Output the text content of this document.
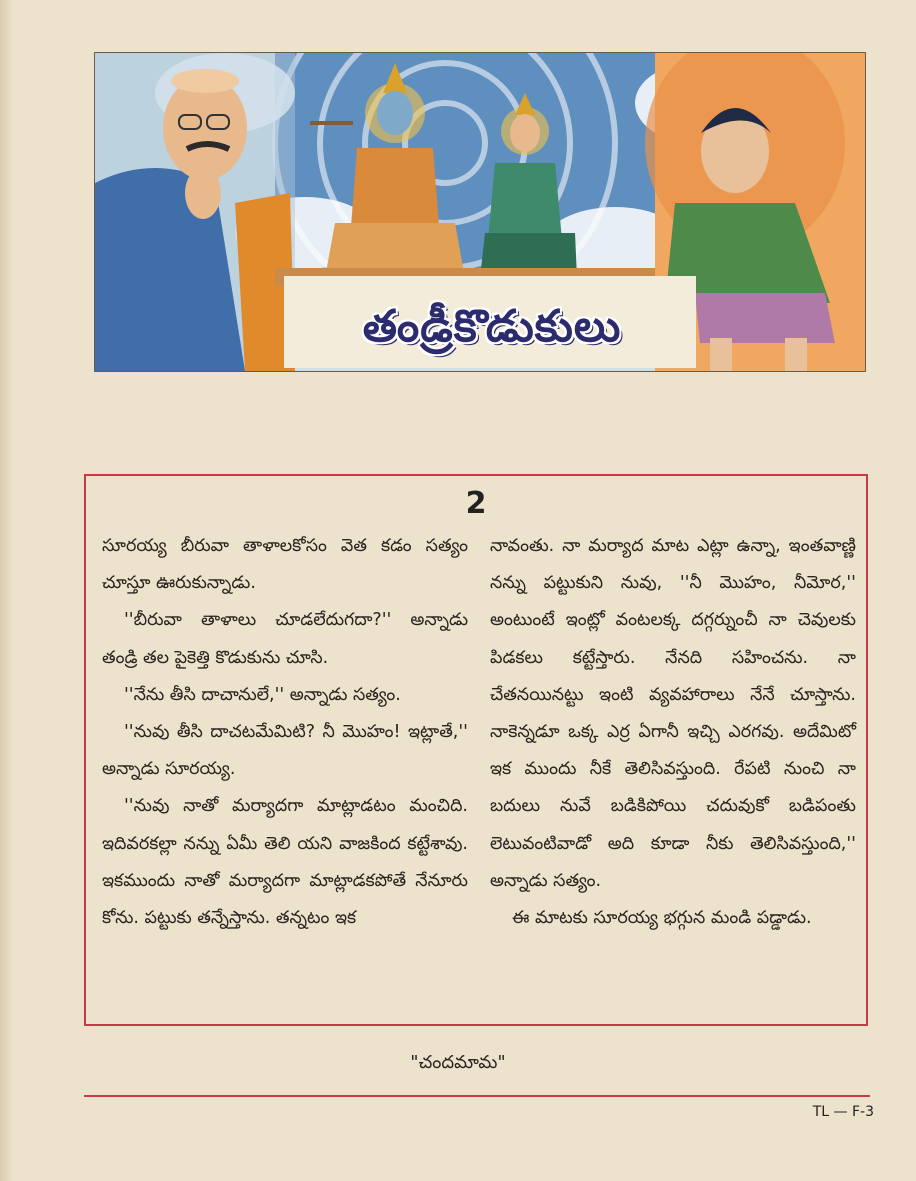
తండ్రీకొడుకులు
2

సూరయ్య బీరువా తాళాలకోసం వెత కడం సత్యం చూస్తూ ఊరుకున్నాడు.

''బీరువా తాళాలు చూడలేదుగదా?'' అన్నాడు తండ్రి తల పైకెత్తి కొడుకును చూసి.

''నేను తీసి దాచానులే,'' అన్నాడు సత్యం.

''నువు తీసి దాచటమేమిటి? నీ మొహం! ఇట్లాతే,'' అన్నాడు సూరయ్య.

''నువు నాతో మర్యాదగా మాట్లాడటం మంచిది. ఇదివరకల్లా నన్ను ఏమీ తెలి యని వాజకింద కట్టేశావు. ఇకముందు నాతో మర్యాదగా మాట్లాడకపోతే నేనూరు కోను. పట్టుకు తన్నేస్తాను. తన్నటం ఇక

నావంతు. నా మర్యాద మాట ఎట్లా ఉన్నా, ఇంతవాణ్ణి నన్ను పట్టుకుని నువు, ''నీ మొహం, నీమోర,'' అంటుంటే ఇంట్లో వంటలక్క దగ్గర్నుంచీ నా చెవులకు పిడకలు కట్టేస్తారు. నేనది సహించను. నా చేతనయినట్టు ఇంటి వ్యవహారాలు నేనే చూస్తాను. నాకెన్నడూ ఒక్క ఎర్ర ఏగానీ ఇచ్చి ఎరగవు. అదేమిటో ఇక ముందు నీకే తెలిసివస్తుంది. రేపటి నుంచి నా బదులు నువే బడికిపోయి చదువుకో బడిపంతు లెటువంటివాడో అది కూడా నీకు తెలిసివస్తుంది,'' అన్నాడు సత్యం.

ఈ మాటకు సూరయ్య భగ్గున మండి పడ్డాడు.

"చందమామ"
TL — F-3
